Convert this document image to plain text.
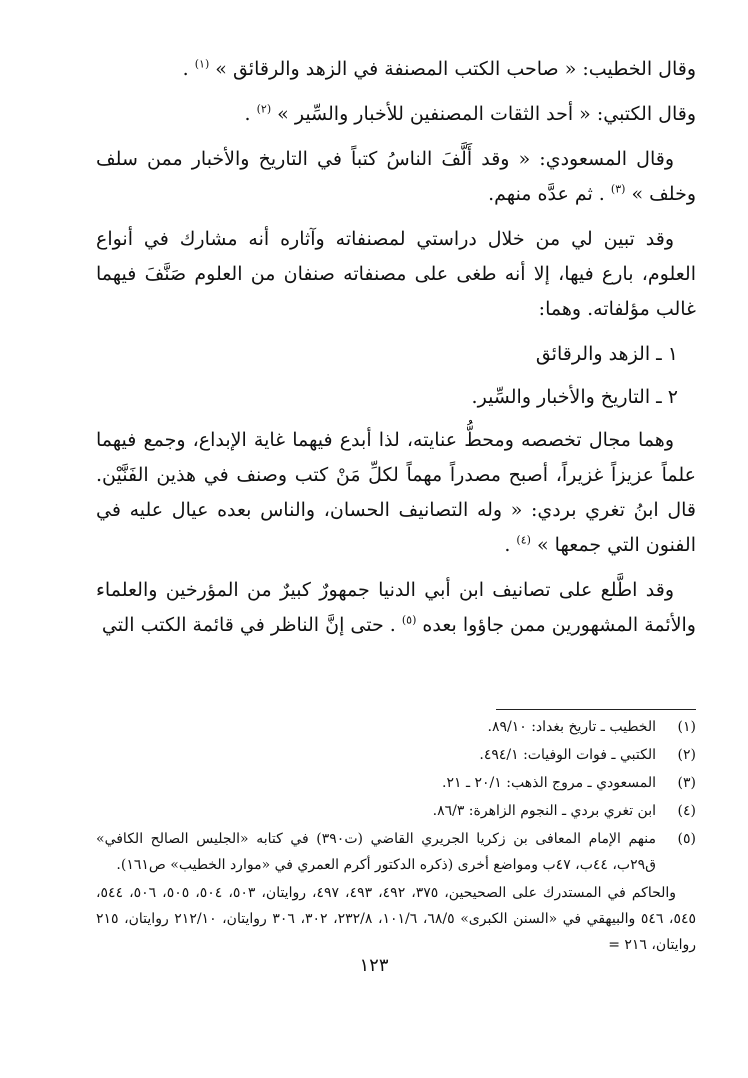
وقال الخطيب: « صاحب الكتب المصنفة في الزهد والرقائق » $^{(١)}$ .

وقال الكتبي: « أحد الثقات المصنفين للأخبار والسِّير » $^{(٢)}$ .

وقال المسعودي: « وقد أَلَّفَ الناسُ كتباً في التاريخ والأخبار ممن سلف وخلف » $^{(٣)}$ . ثم عدَّه منهم.

وقد تبين لي من خلال دراستي لمصنفاته وآثاره أنه مشارك في أنواع العلوم، بارع فيها، إلا أنه طغى على مصنفاته صنفان من العلوم صَنَّفَ فيهما غالب مؤلفاته. وهما:

١ ـ الزهد والرقائق

٢ ـ التاريخ والأخبار والسِّير.

وهما مجال تخصصه ومحطُّ عنايته، لذا أبدع فيهما غاية الإبداع، وجمع فيهما علماً عزيزاً غزيراً، أصبح مصدراً مهماً لكلِّ مَنْ كتب وصنف في هذين الفَنَّيْن. قال ابنُ تغري بردي: « وله التصانيف الحسان، والناس بعده عيال عليه في الفنون التي جمعها » $^{(٤)}$ .

وقد اطَّلع على تصانيف ابن أبي الدنيا جمهورٌ كبيرٌ من المؤرخين والعلماء والأئمة المشهورين ممن جاؤوا بعده $^{(٥)}$ . حتى إنَّ الناظر في قائمة الكتب التي

(١)
الخطيب ـ تاريخ بغداد: ٨٩/١٠.
(٢)
الكتبي ـ فوات الوفيات: ٤٩٤/١.
(٣)
المسعودي ـ مروج الذهب: ٢٠/١ ـ ٢١.
(٤)
ابن تغري بردي ـ النجوم الزاهرة: ٨٦/٣.
(٥)
منهم الإمام المعافى بن زكريا الجريري القاضي (ت٣٩٠) في كتابه «الجليس الصالح الكافي» ق٢٩ب، ٤٤ب، ٤٧ب ومواضع أخرى (ذكره الدكتور أكرم العمري في «موارد الخطيب» ص١٦١).

والحاكم في المستدرك على الصحيحين، ٣٧٥، ٤٩٢، ٤٩٣، ٤٩٧، روايتان، ٥٠٣، ٥٠٤، ٥٠٥، ٥٠٦، ٥٤٤، ٥٤٥، ٥٤٦ والبيهقي في «السنن الكبرى» ٦٨/٥، ١٠١/٦، ٢٣٢/٨، ٣٠٢، ٣٠٦ روايتان، ٢١٢/١٠ روايتان، ٢١٥ روايتان، ٢١٦ =

١٢٣
